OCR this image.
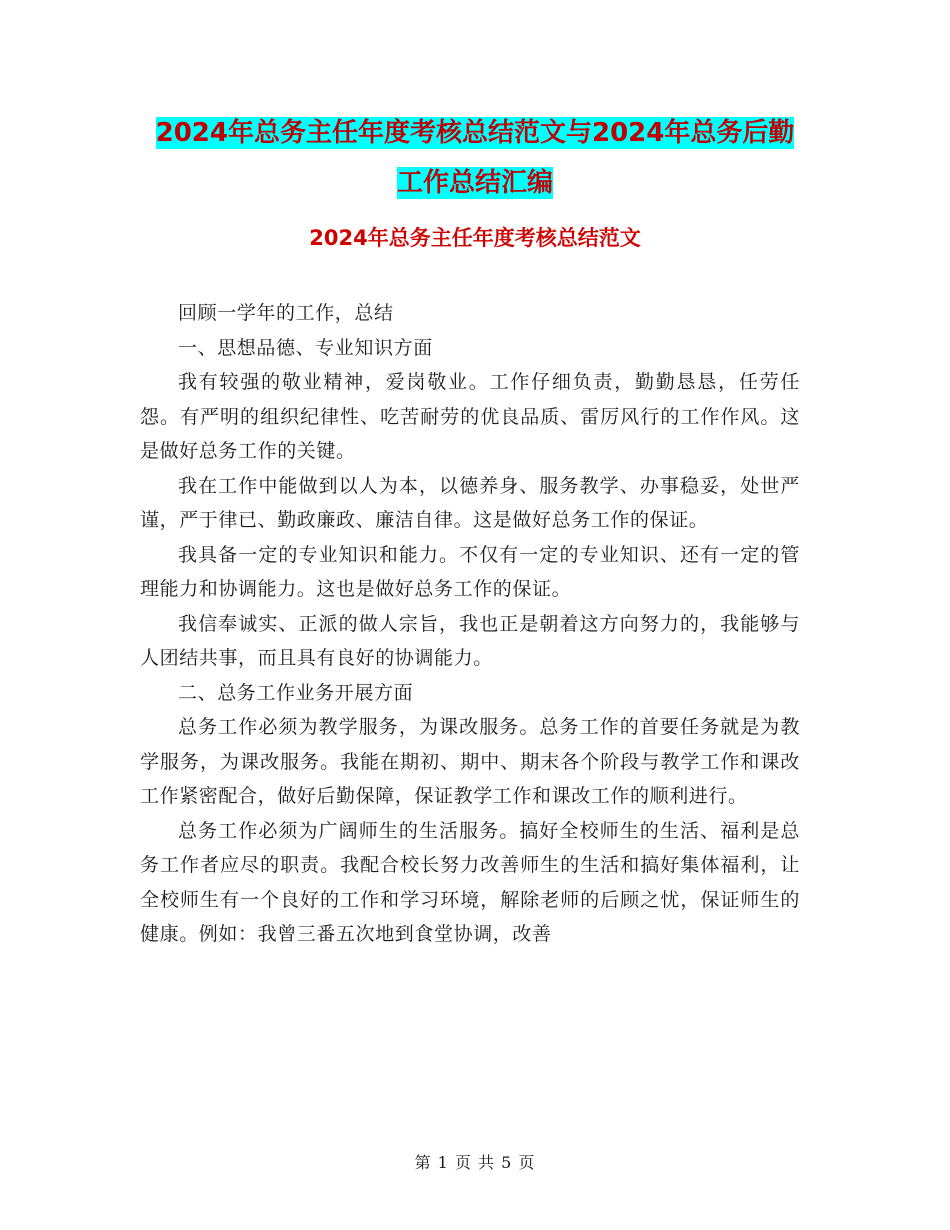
2024年总务主任年度考核总结范文与2024年总务后勤
工作总结汇编
2024年总务主任年度考核总结范文

回顾一学年的工作，总结

一、思想品德、专业知识方面

我有较强的敬业精神，爱岗敬业。工作仔细负责，勤勤恳恳，任劳任怨。有严明的组织纪律性、吃苦耐劳的优良品质、雷厉风行的工作作风。这是做好总务工作的关键。

我在工作中能做到以人为本，以德养身、服务教学、办事稳妥，处世严谨，严于律已、勤政廉政、廉洁自律。这是做好总务工作的保证。

我具备一定的专业知识和能力。不仅有一定的专业知识、还有一定的管理能力和协调能力。这也是做好总务工作的保证。

我信奉诚实、正派的做人宗旨，我也正是朝着这方向努力的，我能够与人团结共事，而且具有良好的协调能力。

二、总务工作业务开展方面

总务工作必须为教学服务，为课改服务。总务工作的首要任务就是为教学服务，为课改服务。我能在期初、期中、期末各个阶段与教学工作和课改工作紧密配合，做好后勤保障，保证教学工作和课改工作的顺利进行。

总务工作必须为广阔师生的生活服务。搞好全校师生的生活、福利是总务工作者应尽的职责。我配合校长努力改善师生的生活和搞好集体福利，让全校师生有一个良好的工作和学习环境，解除老师的后顾之忧，保证师生的健康。例如：我曾三番五次地到食堂协调，改善

第 1 页 共 5 页
